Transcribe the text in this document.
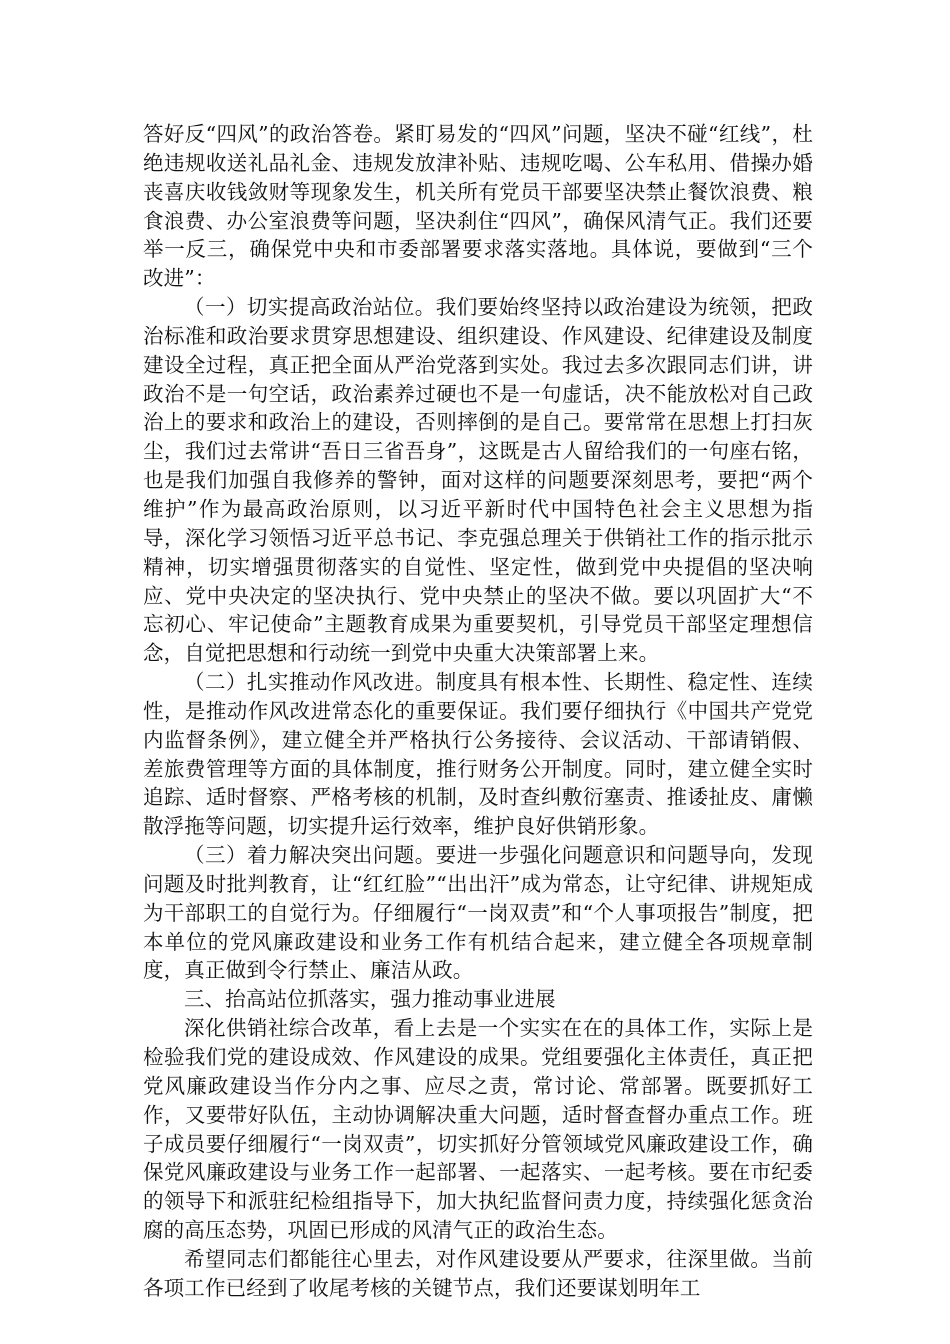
答好反“四风”的政治答卷。紧盯易发的“四风”问题，坚决不碰“红线”，杜绝违规收送礼品礼金、违规发放津补贴、违规吃喝、公车私用、借操办婚丧喜庆收钱敛财等现象发生，机关所有党员干部要坚决禁止餐饮浪费、粮食浪费、办公室浪费等问题，坚决刹住“四风”，确保风清气正。我们还要举一反三，确保党中央和市委部署要求落实落地。具体说，要做到“三个改进”：

（一）切实提高政治站位。我们要始终坚持以政治建设为统领，把政治标准和政治要求贯穿思想建设、组织建设、作风建设、纪律建设及制度建设全过程，真正把全面从严治党落到实处。我过去多次跟同志们讲，讲政治不是一句空话，政治素养过硬也不是一句虚话，决不能放松对自己政治上的要求和政治上的建设，否则摔倒的是自己。要常常在思想上打扫灰尘，我们过去常讲“吾日三省吾身”，这既是古人留给我们的一句座右铭，也是我们加强自我修养的警钟，面对这样的问题要深刻思考，要把“两个维护”作为最高政治原则，以习近平新时代中国特色社会主义思想为指导，深化学习领悟习近平总书记、李克强总理关于供销社工作的指示批示精神，切实增强贯彻落实的自觉性、坚定性，做到党中央提倡的坚决响应、党中央决定的坚决执行、党中央禁止的坚决不做。要以巩固扩大“不忘初心、牢记使命”主题教育成果为重要契机，引导党员干部坚定理想信念，自觉把思想和行动统一到党中央重大决策部署上来。

（二）扎实推动作风改进。制度具有根本性、长期性、稳定性、连续性，是推动作风改进常态化的重要保证。我们要仔细执行《中国共产党党内监督条例》，建立健全并严格执行公务接待、会议活动、干部请销假、差旅费管理等方面的具体制度，推行财务公开制度。同时，建立健全实时追踪、适时督察、严格考核的机制，及时查纠敷衍塞责、推诿扯皮、庸懒散浮拖等问题，切实提升运行效率，维护良好供销形象。

（三）着力解决突出问题。要进一步强化问题意识和问题导向，发现问题及时批判教育，让“红红脸”“出出汗”成为常态，让守纪律、讲规矩成为干部职工的自觉行为。仔细履行“一岗双责”和“个人事项报告”制度，把本单位的党风廉政建设和业务工作有机结合起来，建立健全各项规章制度，真正做到令行禁止、廉洁从政。

三、抬高站位抓落实，强力推动事业进展

深化供销社综合改革，看上去是一个实实在在的具体工作，实际上是检验我们党的建设成效、作风建设的成果。党组要强化主体责任，真正把党风廉政建设当作分内之事、应尽之责，常讨论、常部署。既要抓好工作，又要带好队伍，主动协调解决重大问题，适时督查督办重点工作。班子成员要仔细履行“一岗双责”，切实抓好分管领域党风廉政建设工作，确保党风廉政建设与业务工作一起部署、一起落实、一起考核。要在市纪委的领导下和派驻纪检组指导下，加大执纪监督问责力度，持续强化惩贪治腐的高压态势，巩固已形成的风清气正的政治生态。

希望同志们都能往心里去，对作风建设要从严要求，往深里做。当前各项工作已经到了收尾考核的关键节点，我们还要谋划明年工
